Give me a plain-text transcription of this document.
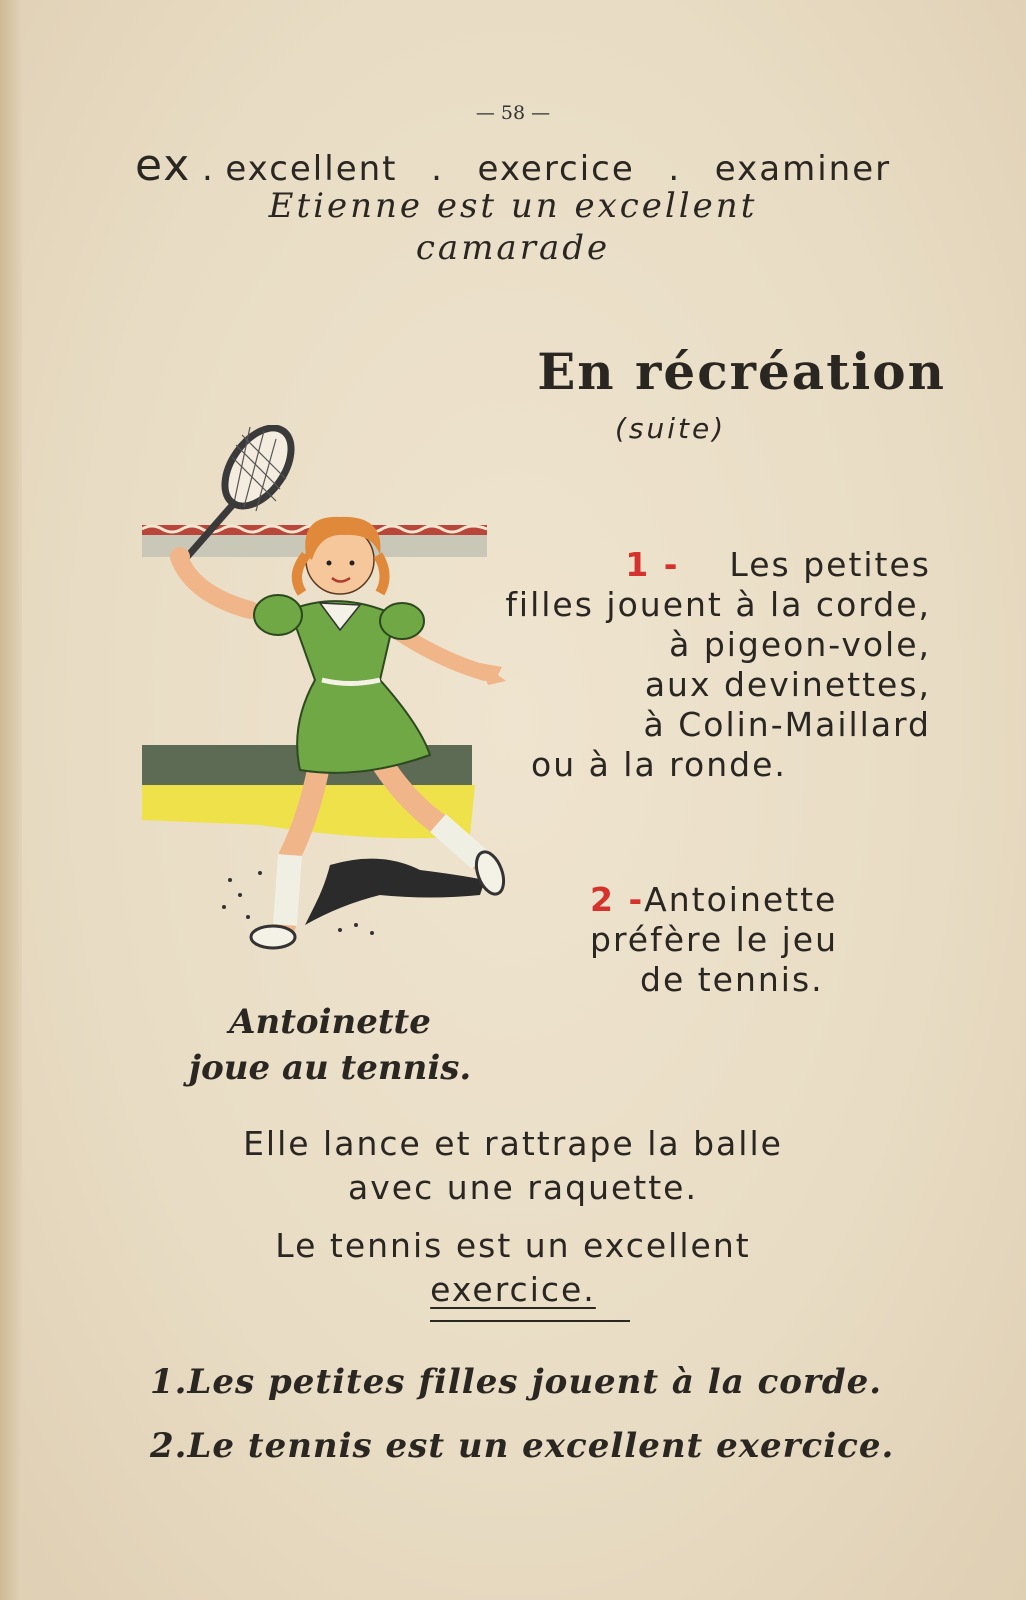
— 58 —
ex . excellent . exercice . examiner
Etienne est un excellent
camarade
En récréation
(suite)
1 - Les petites
filles jouent à la corde,
à pigeon-vole,
aux devinettes,
à Colin-Maillard
ou à la ronde.
2 -Antoinette
préfère le jeu
de tennis.
Antoinette
joue au tennis.
Elle lance et rattrape la balle
avec une raquette.
Le tennis est un excellent
exercice.
1.Les petites filles jouent à la corde.
2.Le tennis est un excellent exercice.
